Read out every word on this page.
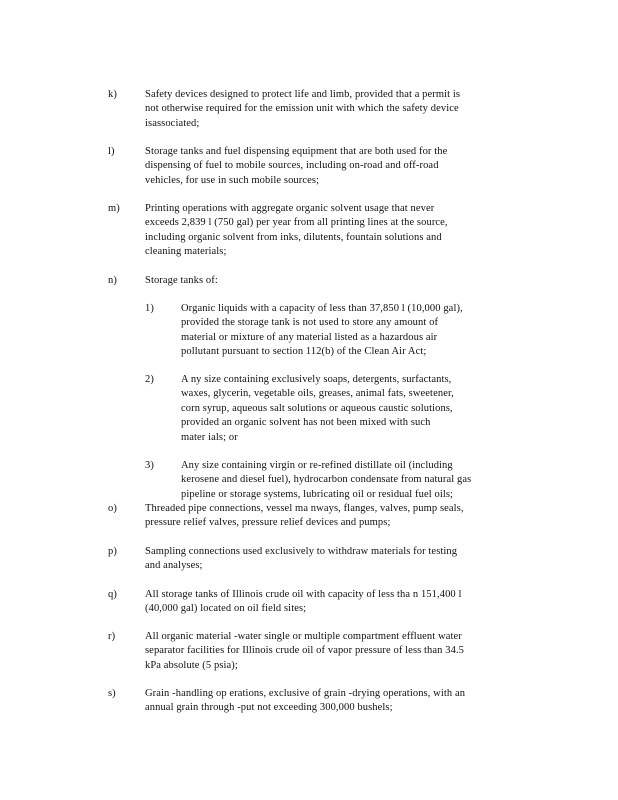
k)	Safety devices designed to protect life and limb, provided that a permit is
not otherwise required for the emission unit with which the safety device
isassociated;
l)	Storage tanks and fuel dispensing equipment that are both used for the
dispensing of fuel to mobile sources, including on-road and off-road
vehicles, for use in such mobile sources;
m) Printing operations with aggregate organic solvent usage that never
exceeds 2,839 l (750 gal) per year from all printing lines at the source,
including organic solvent from inks, dilutents, fountain solutions and
cleaning materials;
n)	Storage tanks of:
1)	Organic liquids with a capacity of less than 37,850 l (10,000 gal),
provided the storage tank is not used to store any amount of
material or mixture of any material listed as a hazardous air
pollutant pursuant to section 112(b) of the Clean Air Act;
2)	A ny size containing exclusively soaps, detergents, surfactants,
waxes, glycerin, vegetable oils, greases, animal fats, sweetener,
corn syrup, aqueous salt solutions or aqueous caustic solutions,
provided an organic solvent has not been mixed with such
mater ials; or
3)	Any size containing virgin or re-refined distillate oil (including
kerosene and diesel fuel), hydrocarbon condensate from natural gas
pipeline or storage systems, lubricating oil or residual fuel oils;
o)	Threaded pipe connections, vessel ma nways, flanges, valves, pump seals,
pressure relief valves, pressure relief devices and pumps;
p)	Sampling connections used exclusively to withdraw materials for testing
and analyses;
q)	All storage tanks of Illinois crude oil with capacity of less tha n 151,400 l
(40,000 gal) located on oil field sites;
r)	All organic material -water single or multiple compartment effluent water
separator facilities for Illinois crude oil of vapor pressure of less than 34.5
kPa absolute (5 psia);
s)	Grain -handling op erations, exclusive of grain -drying operations, with an
annual grain through -put not exceeding 300,000 bushels;
